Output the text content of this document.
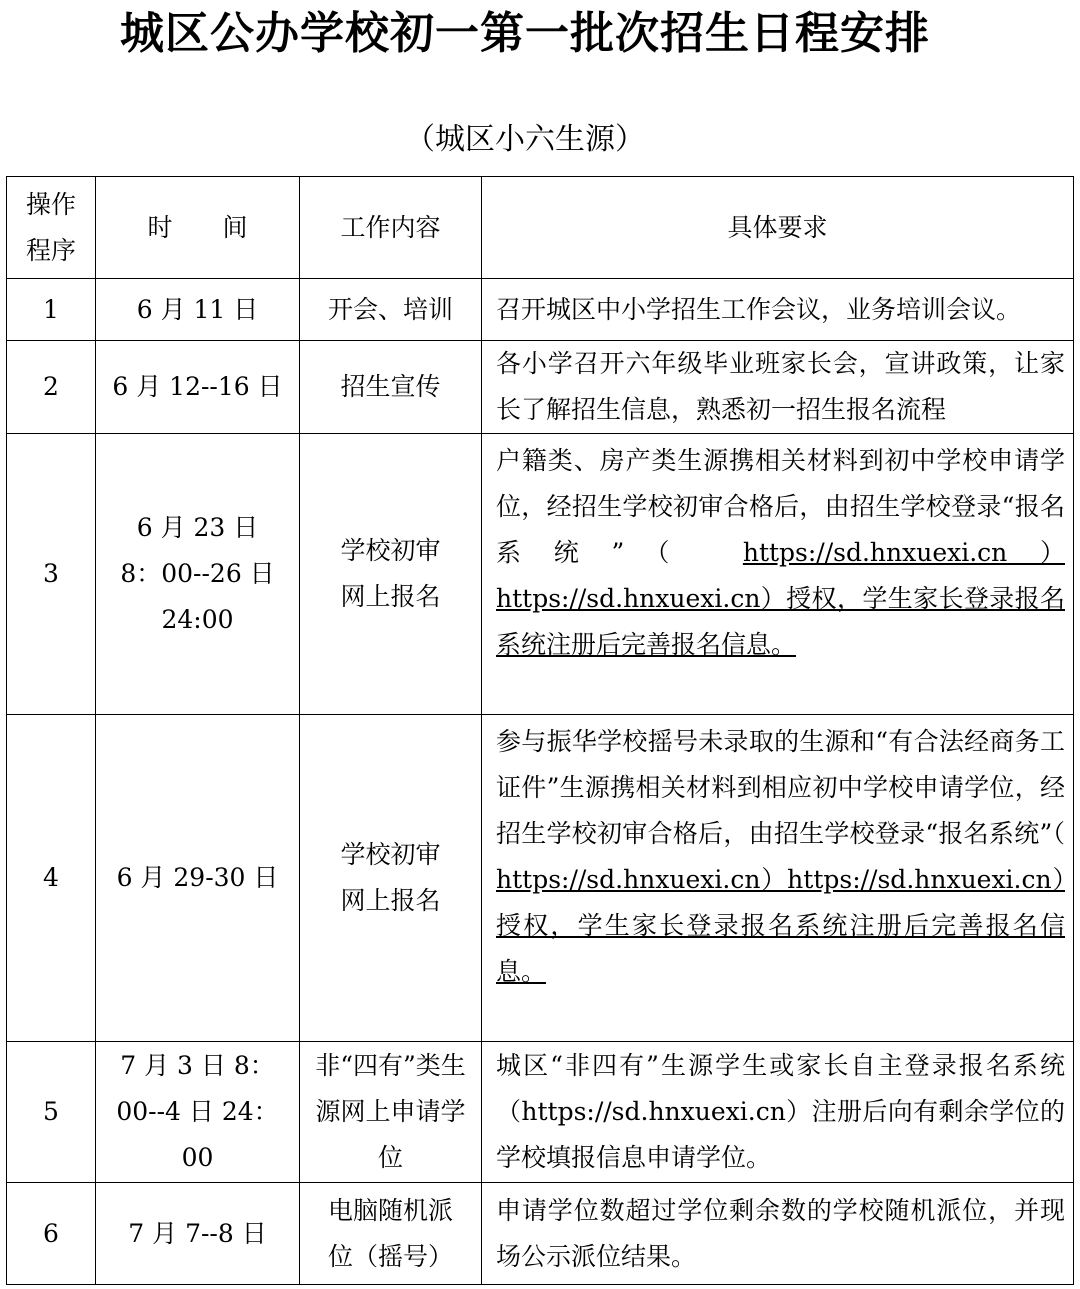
城区公办学校初一第一批次招生日程安排
（城区小六生源）
操作
程序	时　　间	工作内容	具体要求
1	6 月 11 日	开会、培训	召开城区中小学招生工作会议，业务培训会议。
2	6 月 12--16 日	招生宣传	各小学召开六年级毕业班家长会，宣讲政策，让家长了解招生信息，熟悉初一招生报名流程
3	6 月 23 日 8：00--26 日 24:00	学校初审网上报名	户籍类、房产类生源携相关材料到初中学校申请学位，经招生学校初审合格后，由招生学校登录“报名系统”（ https://sd.hnxuexi.cn）https://sd.hnxuexi.cn）授权，学生家长登录报名系统注册后完善报名信息。

4	6 月 29-30 日	学校初审网上报名	参与振华学校摇号未录取的生源和“有合法经商务工证件”生源携相关材料到相应初中学校申请学位，经招生学校初审合格后，由招生学校登录“报名系统”（ https://sd.hnxuexi.cn）https://sd.hnxuexi.cn）授权，学生家长登录报名系统注册后完善报名信息。

5	7 月 3 日 8：00--4 日 24：00	非“四有”类生源网上申请学位	城区“非四有”生源学生或家长自主登录报名系统（https://sd.hnxuexi.cn）注册后向有剩余学位的学校填报信息申请学位。
6	7 月 7--8 日	电脑随机派位（摇号）	申请学位数超过学位剩余数的学校随机派位，并现场公示派位结果。
